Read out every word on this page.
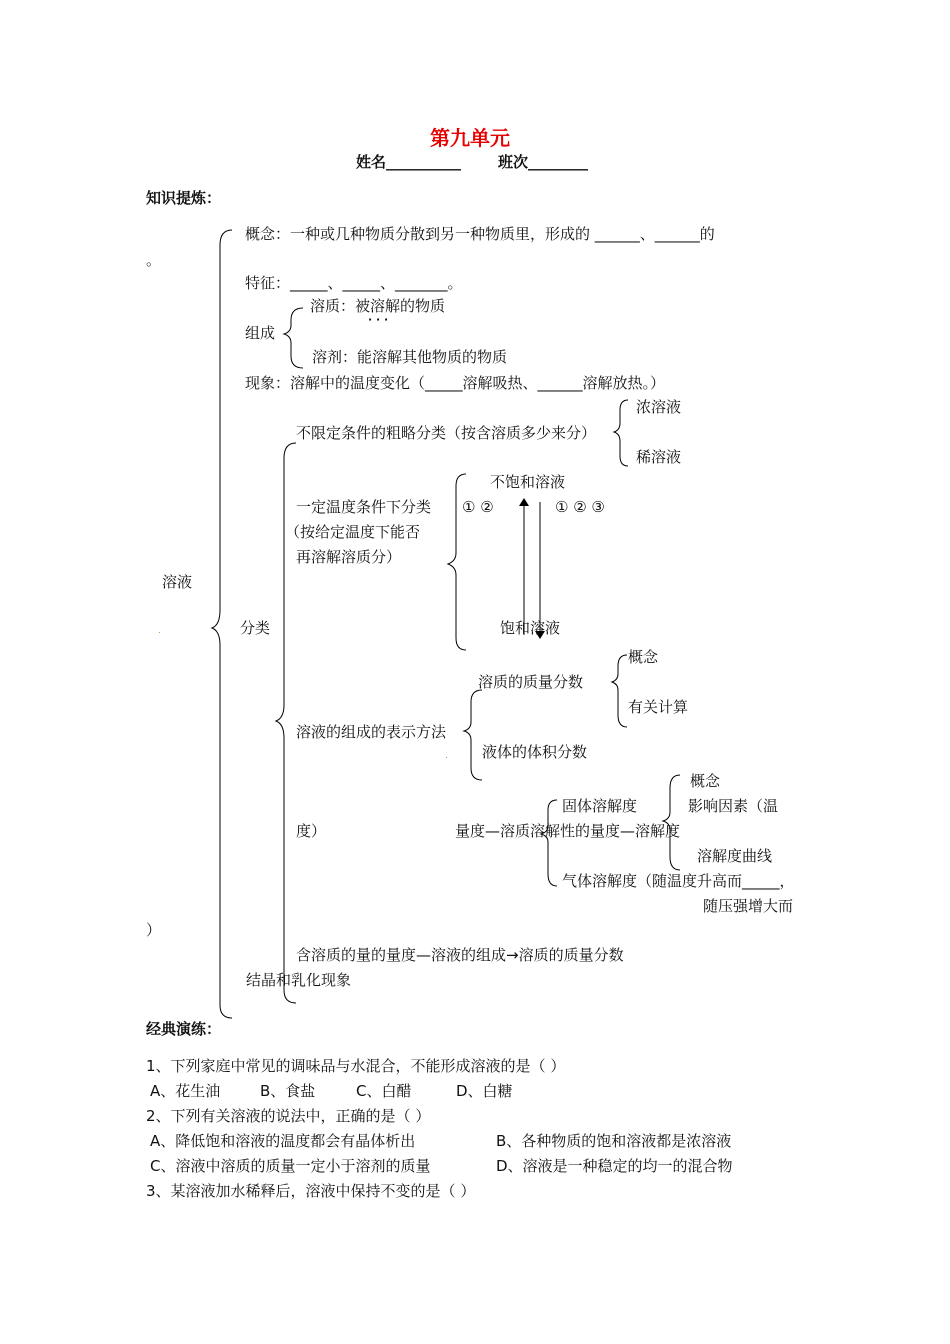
第九单元
姓名__________ 班次________
知识提炼：
概念：一种或几种物质分散到另一种物质里，形成的 ______、______的
。
特征：_____、_____、_______。
组成
溶质：被溶解的物质
· · ·
溶剂：能溶解其他物质的物质
现象：溶解中的温度变化（_____溶解吸热、______溶解放热。）
溶液
.	分类
不限定条件的粗略分类（按含溶质多少来分）
浓溶液
稀溶液
一定温度条件下分类
（按给定温度下能否
再溶解溶质分）
不饱和溶液
① ②	① ② ③
饱和溶液
溶质的质量分数
概念
有关计算
溶液的组成的表示方法
液体的体积分数
.
概念
固体溶解度	影响因素（温
度）	量度—溶质溶解性的量度—溶解度
溶解度曲线
气体溶解度（随温度升高而_____，
随压强增大而
）
含溶质的量的量度—溶液的组成→溶质的质量分数
结晶和乳化现象
经典演练：
1、下列家庭中常见的调味品与水混合，不能形成溶液的是（ ）
A、花生油	B、食盐	C、白醋	D、白糖
2、下列有关溶液的说法中，正确的是（ ）
A、降低饱和溶液的温度都会有晶体析出	B、各种物质的饱和溶液都是浓溶液
C、溶液中溶质的质量一定小于溶剂的质量	D、溶液是一种稳定的均一的混合物
3、某溶液加水稀释后，溶液中保持不变的是（ ）
